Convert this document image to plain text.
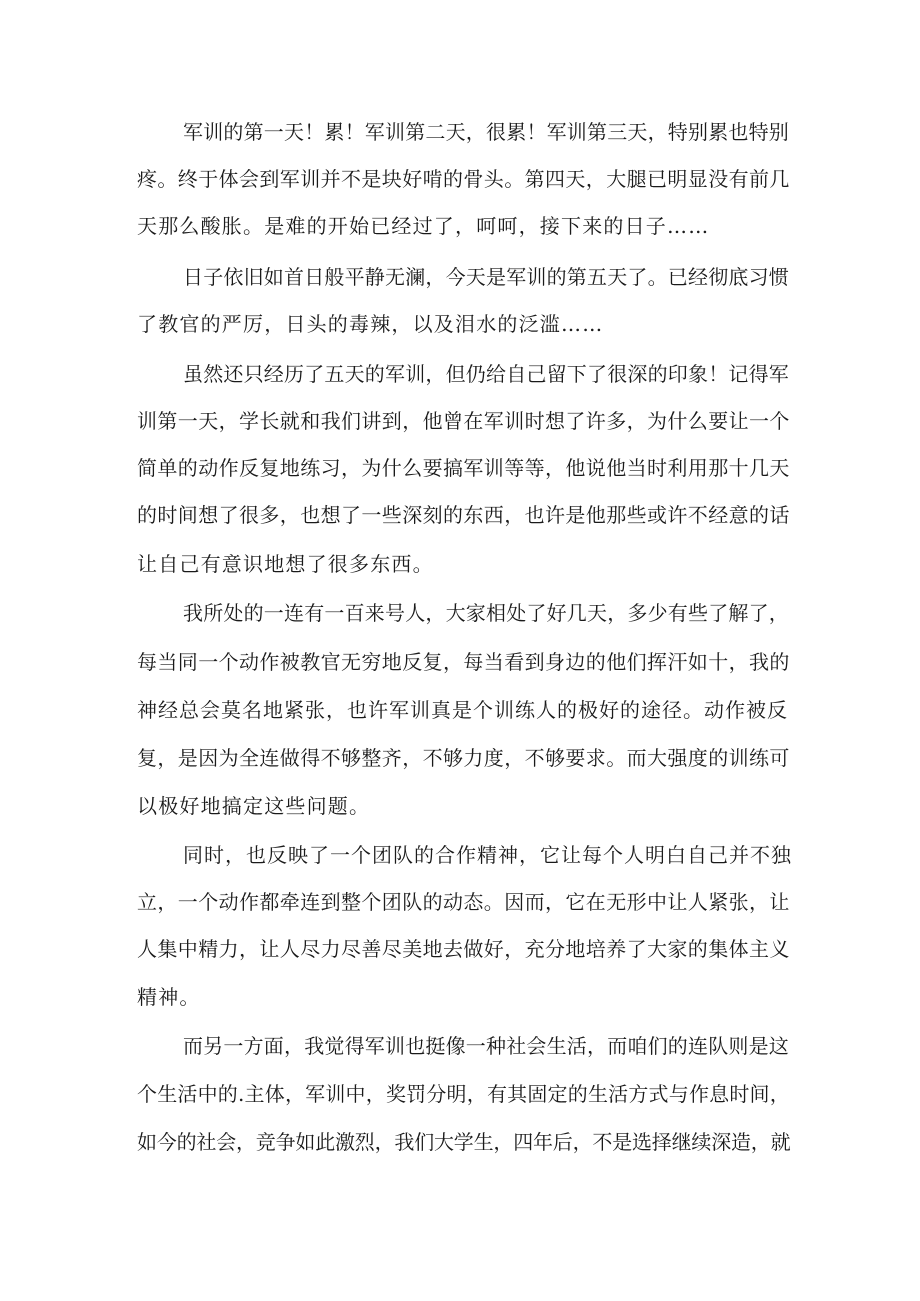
军训的第一天！累！军训第二天，很累！军训第三天，特别累也特别
疼。终于体会到军训并不是块好啃的骨头。第四天，大腿已明显没有前几
天那么酸胀。是难的开始已经过了，呵呵，接下来的日子……
日子依旧如首日般平静无澜，今天是军训的第五天了。已经彻底习惯
了教官的严厉，日头的毒辣，以及泪水的泛滥……
虽然还只经历了五天的军训，但仍给自己留下了很深的印象！记得军
训第一天，学长就和我们讲到，他曾在军训时想了许多，为什么要让一个
简单的动作反复地练习，为什么要搞军训等等，他说他当时利用那十几天
的时间想了很多，也想了一些深刻的东西，也许是他那些或许不经意的话
让自己有意识地想了很多东西。
我所处的一连有一百来号人，大家相处了好几天，多少有些了解了，
每当同一个动作被教官无穷地反复，每当看到身边的他们挥汗如十，我的
神经总会莫名地紧张，也许军训真是个训练人的极好的途径。动作被反
复，是因为全连做得不够整齐，不够力度，不够要求。而大强度的训练可
以极好地搞定这些问题。
同时，也反映了一个团队的合作精神，它让每个人明白自己并不独
立，一个动作都牵连到整个团队的动态。因而，它在无形中让人紧张，让
人集中精力，让人尽力尽善尽美地去做好，充分地培养了大家的集体主义
精神。
而另一方面，我觉得军训也挺像一种社会生活，而咱们的连队则是这
个生活中的.主体，军训中，奖罚分明，有其固定的生活方式与作息时间，
如今的社会，竞争如此激烈，我们大学生，四年后，不是选择继续深造，就
